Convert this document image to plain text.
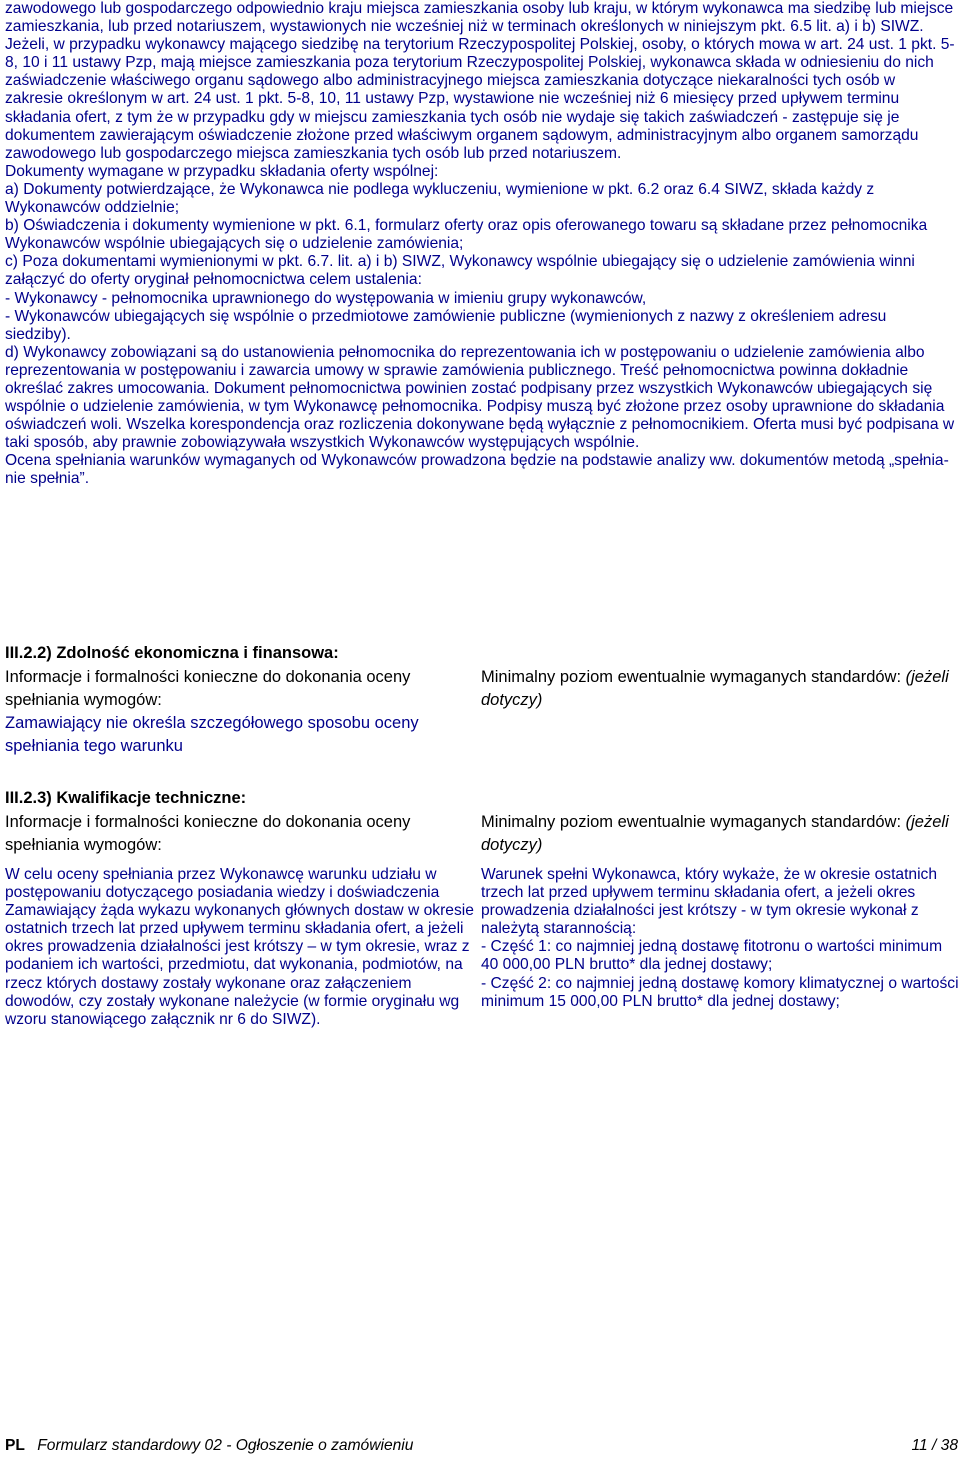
zawodowego lub gospodarczego odpowiednio kraju miejsca zamieszkania osoby lub kraju, w którym wykonawca ma siedzibę lub miejsce zamieszkania, lub przed notariuszem, wystawionych nie wcześniej niż w terminach określonych w niniejszym pkt. 6.5 lit. a) i b) SIWZ.

Jeżeli, w przypadku wykonawcy mającego siedzibę na terytorium Rzeczypospolitej Polskiej, osoby, o których mowa w art. 24 ust. 1 pkt. 5-8, 10 i 11 ustawy Pzp, mają miejsce zamieszkania poza terytorium Rzeczypospolitej Polskiej, wykonawca składa w odniesieniu do nich zaświadczenie właściwego organu sądowego albo administracyjnego miejsca zamieszkania dotyczące niekaralności tych osób w zakresie określonym w art. 24 ust. 1 pkt. 5-8, 10, 11 ustawy Pzp, wystawione nie wcześniej niż 6 miesięcy przed upływem terminu składania ofert, z tym że w przypadku gdy w miejscu zamieszkania tych osób nie wydaje się takich zaświadczeń - zastępuje się je dokumentem zawierającym oświadczenie złożone przed właściwym organem sądowym, administracyjnym albo organem samorządu zawodowego lub gospodarczego miejsca zamieszkania tych osób lub przed notariuszem.

Dokumenty wymagane w przypadku składania oferty wspólnej:

a) Dokumenty potwierdzające, że Wykonawca nie podlega wykluczeniu, wymienione w pkt. 6.2 oraz 6.4 SIWZ, składa każdy z Wykonawców oddzielnie;

b) Oświadczenia i dokumenty wymienione w pkt. 6.1, formularz oferty oraz opis oferowanego towaru są składane przez pełnomocnika Wykonawców wspólnie ubiegających się o udzielenie zamówienia;

c) Poza dokumentami wymienionymi w pkt. 6.7. lit. a) i b) SIWZ, Wykonawcy wspólnie ubiegający się o udzielenie zamówienia winni załączyć do oferty oryginał pełnomocnictwa celem ustalenia:

- Wykonawcy - pełnomocnika uprawnionego do występowania w imieniu grupy wykonawców,

- Wykonawców ubiegających się wspólnie o przedmiotowe zamówienie publiczne (wymienionych z nazwy z określeniem adresu siedziby).

d) Wykonawcy zobowiązani są do ustanowienia pełnomocnika do reprezentowania ich w postępowaniu o udzielenie zamówienia albo reprezentowania w postępowaniu i zawarcia umowy w sprawie zamówienia publicznego. Treść pełnomocnictwa powinna dokładnie określać zakres umocowania. Dokument pełnomocnictwa powinien zostać podpisany przez wszystkich Wykonawców ubiegających się wspólnie o udzielenie zamówienia, w tym Wykonawcę pełnomocnika. Podpisy muszą być złożone przez osoby uprawnione do składania oświadczeń woli. Wszelka korespondencja oraz rozliczenia dokonywane będą wyłącznie z pełnomocnikiem. Oferta musi być podpisana w taki sposób, aby prawnie zobowiązywała wszystkich Wykonawców występujących wspólnie.

Ocena spełniania warunków wymaganych od Wykonawców prowadzona będzie na podstawie analizy ww. dokumentów metodą „spełnia-nie spełnia”.

III.2.2) Zdolność ekonomiczna i finansowa:

Informacje i formalności konieczne do dokonania oceny spełniania wymogów:

Zamawiający nie określa szczegółowego sposobu oceny spełniania tego warunku

Minimalny poziom ewentualnie wymaganych standardów: (jeżeli dotyczy)

III.2.3) Kwalifikacje techniczne:

Informacje i formalności konieczne do dokonania oceny spełniania wymogów:

W celu oceny spełniania przez Wykonawcę warunku udziału w postępowaniu dotyczącego posiadania wiedzy i doświadczenia Zamawiający żąda wykazu wykonanych głównych dostaw w okresie ostatnich trzech lat przed upływem terminu składania ofert, a jeżeli okres prowadzenia działalności jest krótszy – w tym okresie, wraz z podaniem ich wartości, przedmiotu, dat wykonania, podmiotów, na rzecz których dostawy zostały wykonane oraz załączeniem dowodów, czy zostały wykonane należycie (w formie oryginału wg wzoru stanowiącego załącznik nr 6 do SIWZ).

Minimalny poziom ewentualnie wymaganych standardów: (jeżeli dotyczy)

Warunek spełni Wykonawca, który wykaże, że w okresie ostatnich trzech lat przed upływem terminu składania ofert, a jeżeli okres prowadzenia działalności jest krótszy - w tym okresie wykonał z należytą starannością:

- Część 1: co najmniej jedną dostawę fitotronu o wartości minimum 40 000,00 PLN brutto* dla jednej dostawy;

- Część 2: co najmniej jedną dostawę komory klimatycznej o wartości minimum 15 000,00 PLN brutto* dla jednej dostawy;

PL Formularz standardowy 02 - Ogłoszenie o zamówieniu	11 / 38
